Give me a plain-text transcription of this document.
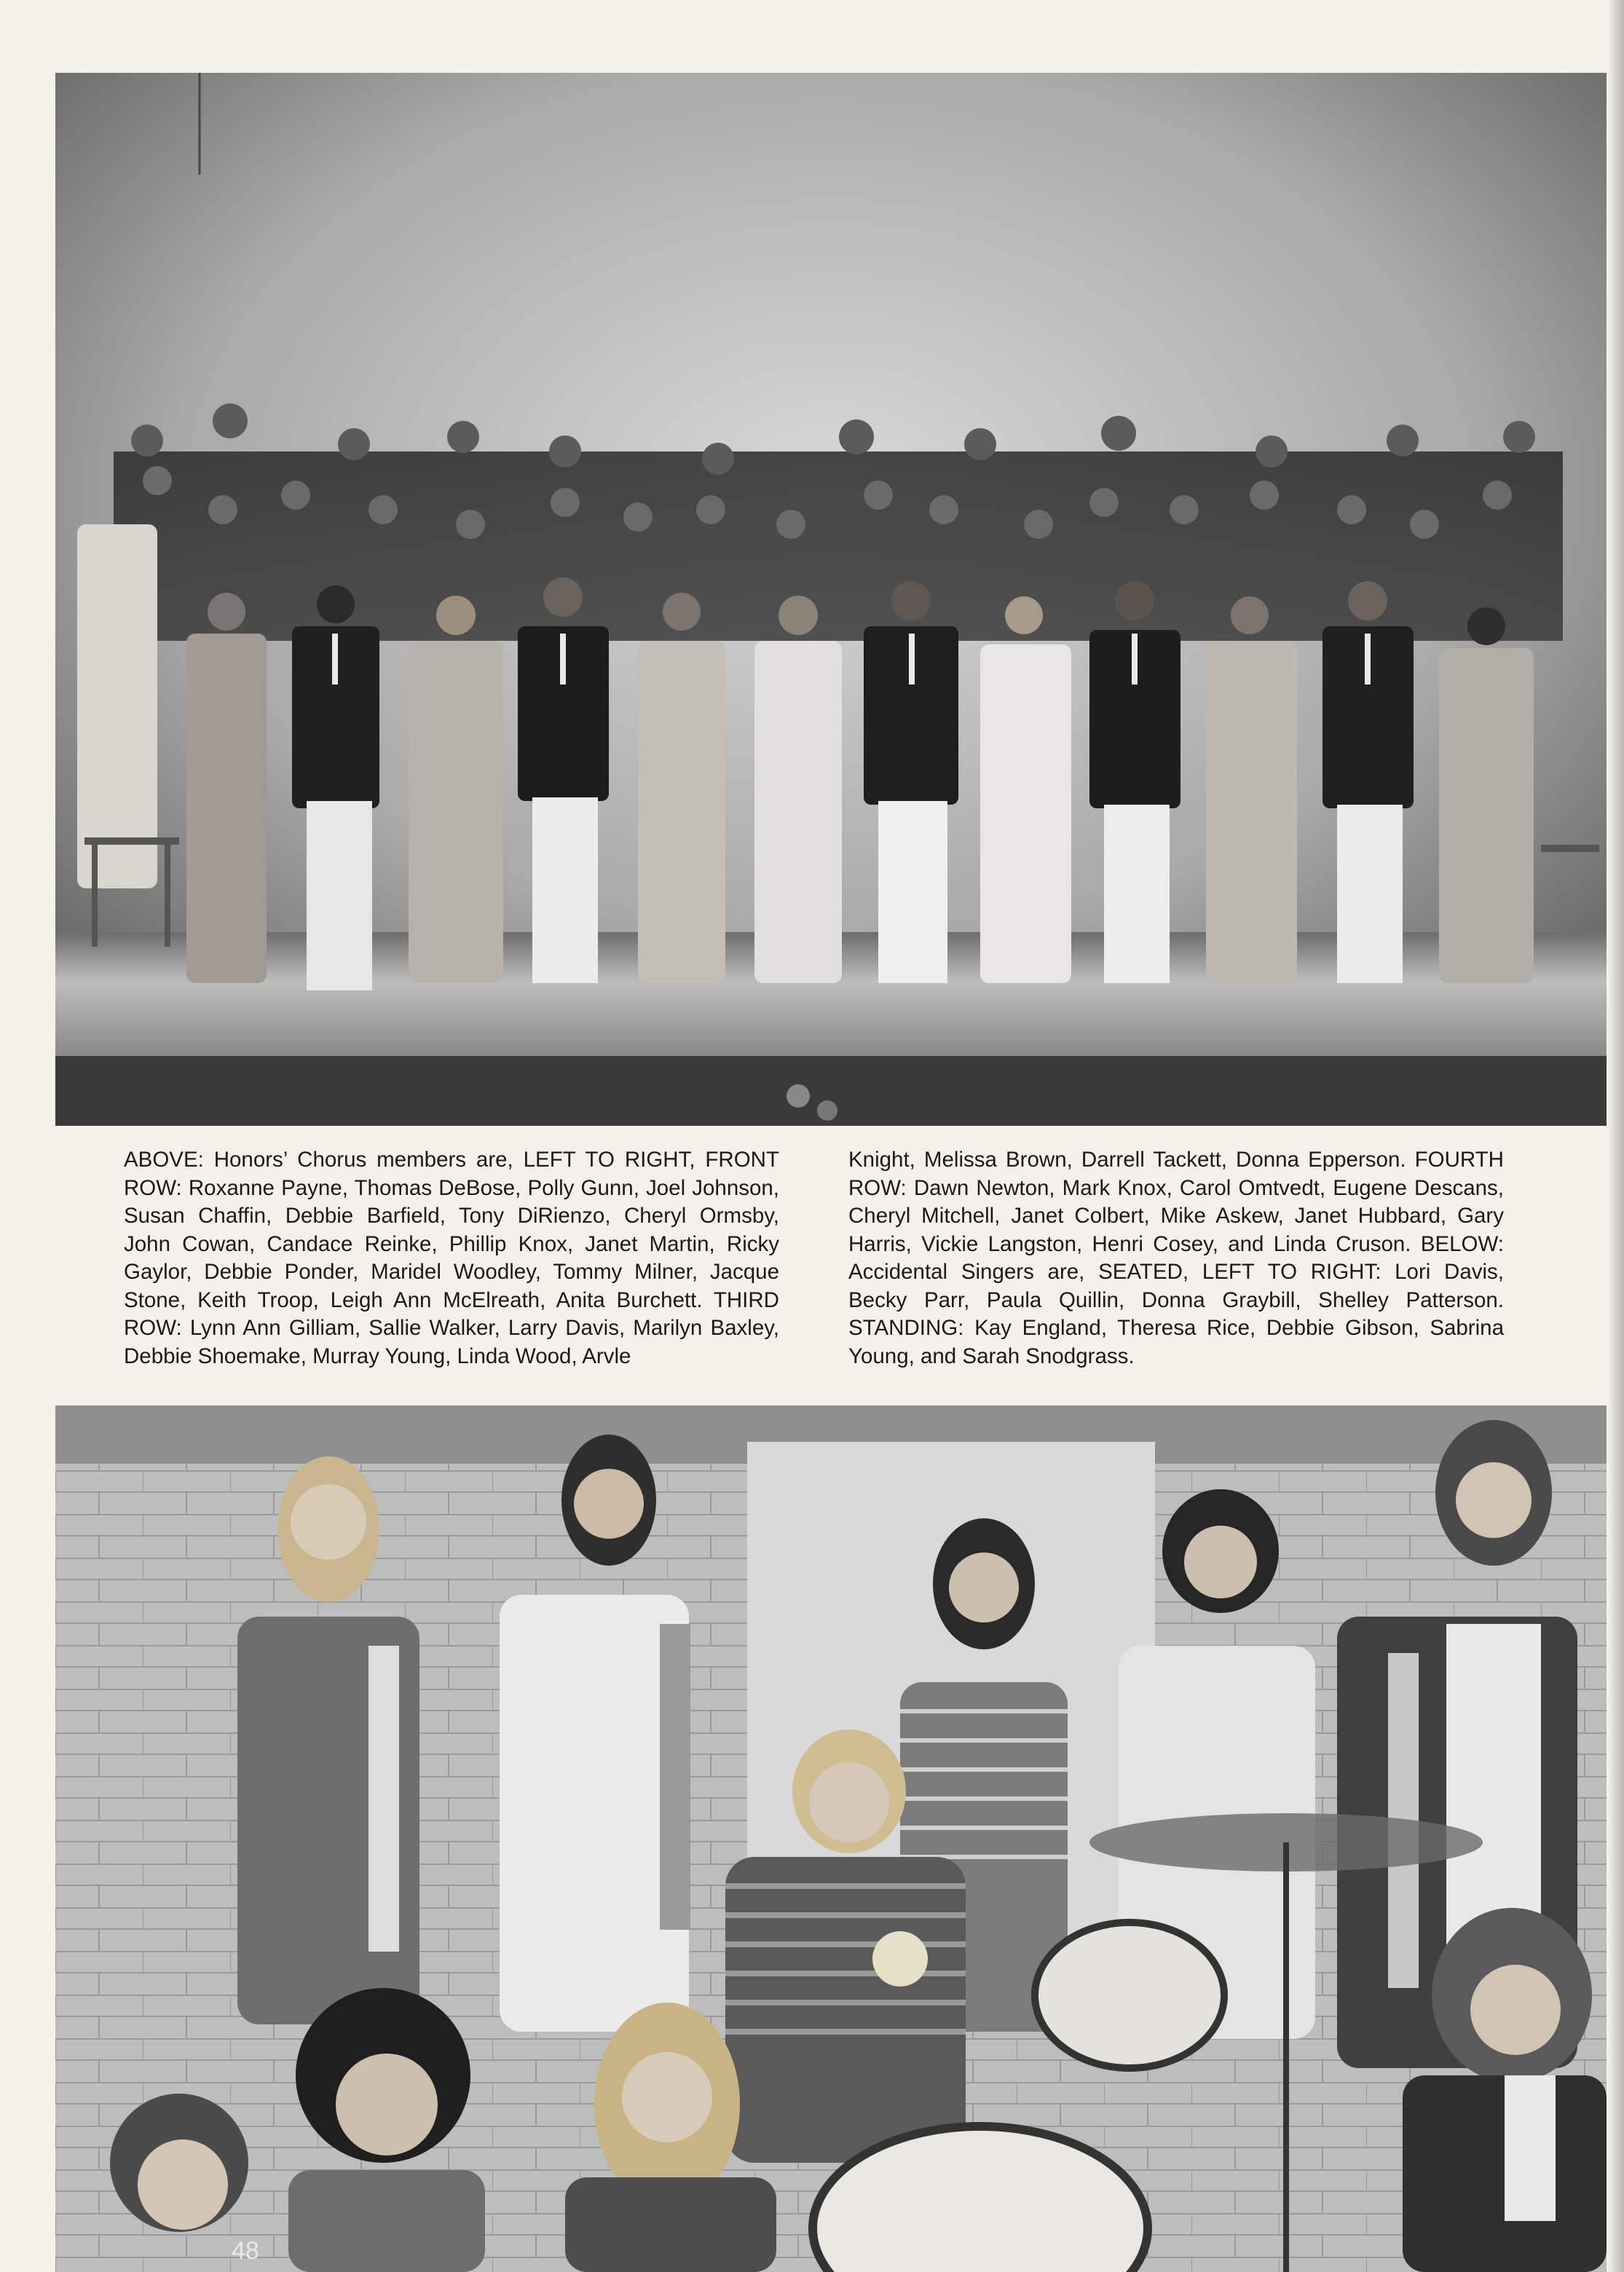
ABOVE: Honors’ Chorus members are, LEFT TO RIGHT, FRONT ROW: Roxanne Payne, Thomas DeBose, Polly Gunn, Joel Johnson, Susan Chaffin, Debbie Barfield, Tony DiRienzo, Cheryl Ormsby, John Cowan, Candace Reinke, Phillip Knox, Janet Martin, Ricky Gaylor, Debbie Ponder, Maridel Woodley, Tommy Milner, Jacque Stone, Keith Troop, Leigh Ann McElreath, Anita Burchett. THIRD ROW: Lynn Ann Gilliam, Sallie Walker, Larry Davis, Marilyn Baxley, Debbie Shoemake, Murray Young, Linda Wood, Arvle
Knight, Melissa Brown, Darrell Tackett, Donna Epperson. FOURTH ROW: Dawn Newton, Mark Knox, Carol Omtvedt, Eugene Descans, Cheryl Mitchell, Janet Colbert, Mike Askew, Janet Hubbard, Gary Harris, Vickie Langston, Henri Cosey, and Linda Cruson. BELOW: Accidental Singers are, SEATED, LEFT TO RIGHT: Lori Davis, Becky Parr, Paula Quillin, Donna Graybill, Shelley Patterson. STANDING: Kay England, Theresa Rice, Debbie Gibson, Sabrina Young, and Sarah Snodgrass.
48
